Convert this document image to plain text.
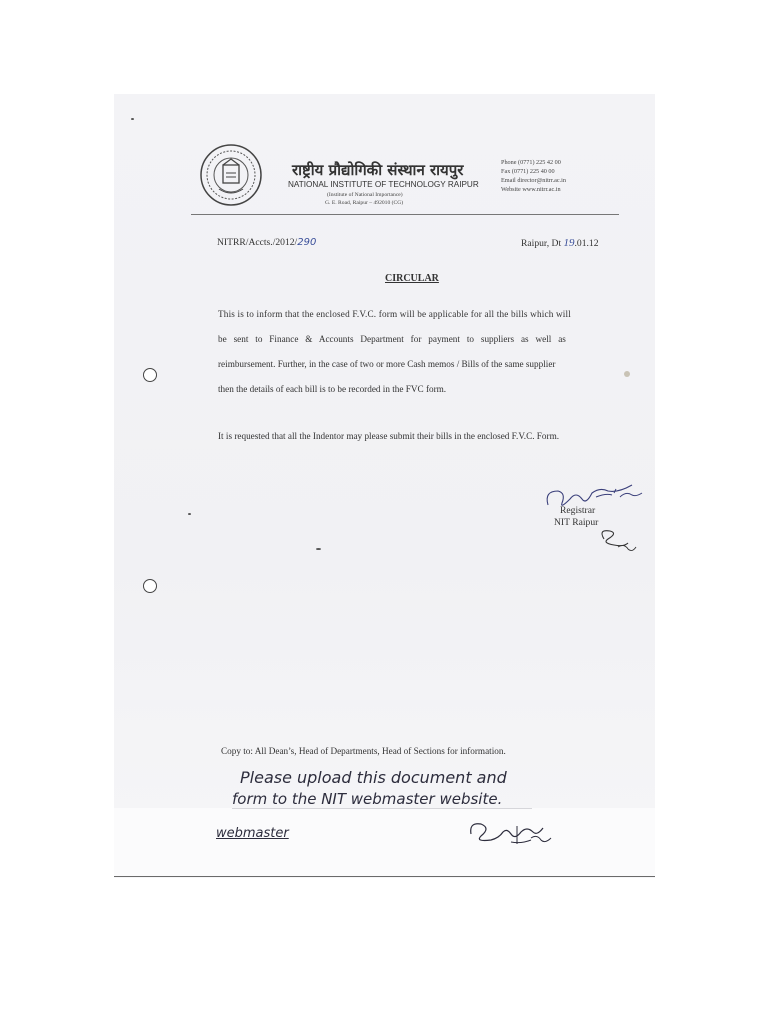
राष्ट्रीय प्रौद्योगिकी संस्थान रायपुर
NATIONAL INSTITUTE OF TECHNOLOGY RAIPUR
(Institute of National Importance)
G. E. Road, Raipur – 492010 (CG)
Phone (0771) 225 42 00
Fax (0771) 225 40 00
Email director@nitrr.ac.in
Website www.nitrr.ac.in
NITRR/Accts./2012/290	Raipur, Dt 19.01.12
CIRCULAR
This is to inform that the enclosed F.V.C. form will be applicable for all the bills which will
be sent to Finance & Accounts Department for payment to suppliers as well as
reimbursement. Further, in the case of two or more Cash memos / Bills of the same supplier
then the details of each bill is to be recorded in the FVC form.
It is requested that all the Indentor may please submit their bills in the enclosed F.V.C. Form.
Registrar
NIT Raipur
Copy to: All Dean’s, Head of Departments, Head of Sections for information.
Please upload this document and
form to the NIT webmaster website.
webmaster
